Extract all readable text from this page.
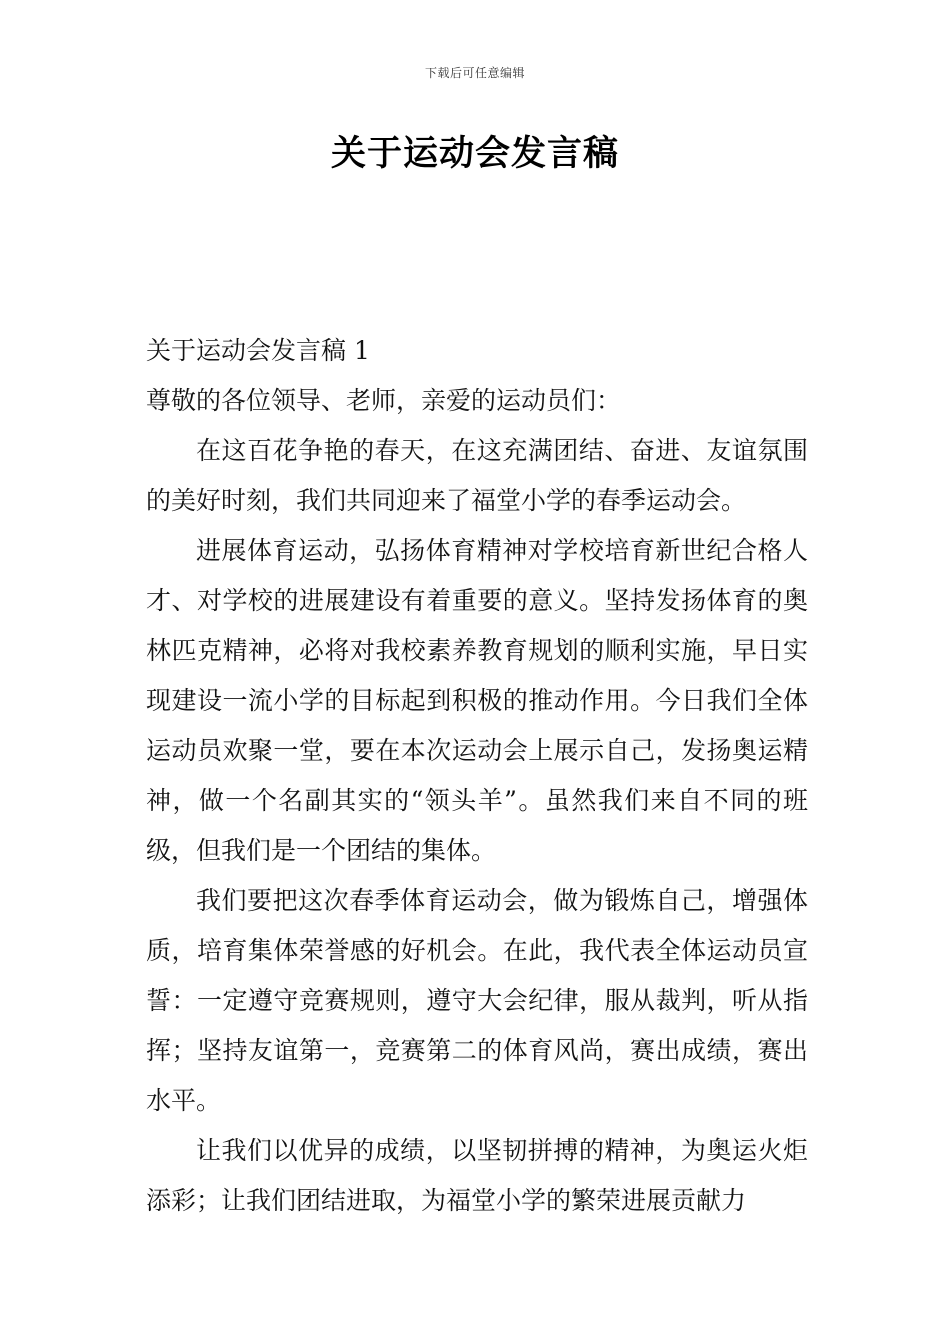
下载后可任意编辑
关于运动会发言稿

关于运动会发言稿 1

尊敬的各位领导、老师，亲爱的运动员们：

在这百花争艳的春天，在这充满团结、奋进、友谊氛围的美好时刻，我们共同迎来了福堂小学的春季运动会。

进展体育运动，弘扬体育精神对学校培育新世纪合格人才、对学校的进展建设有着重要的意义。坚持发扬体育的奥林匹克精神，必将对我校素养教育规划的顺利实施，早日实现建设一流小学的目标起到积极的推动作用。今日我们全体运动员欢聚一堂，要在本次运动会上展示自己，发扬奥运精神，做一个名副其实的“领头羊”。虽然我们来自不同的班级，但我们是一个团结的集体。

我们要把这次春季体育运动会，做为锻炼自己，增强体质，培育集体荣誉感的好机会。在此，我代表全体运动员宣誓：一定遵守竞赛规则，遵守大会纪律，服从裁判，听从指挥；坚持友谊第一，竞赛第二的体育风尚，赛出成绩，赛出水平。

让我们以优异的成绩，以坚韧拼搏的精神，为奥运火炬添彩；让我们团结进取，为福堂小学的繁荣进展贡献力
